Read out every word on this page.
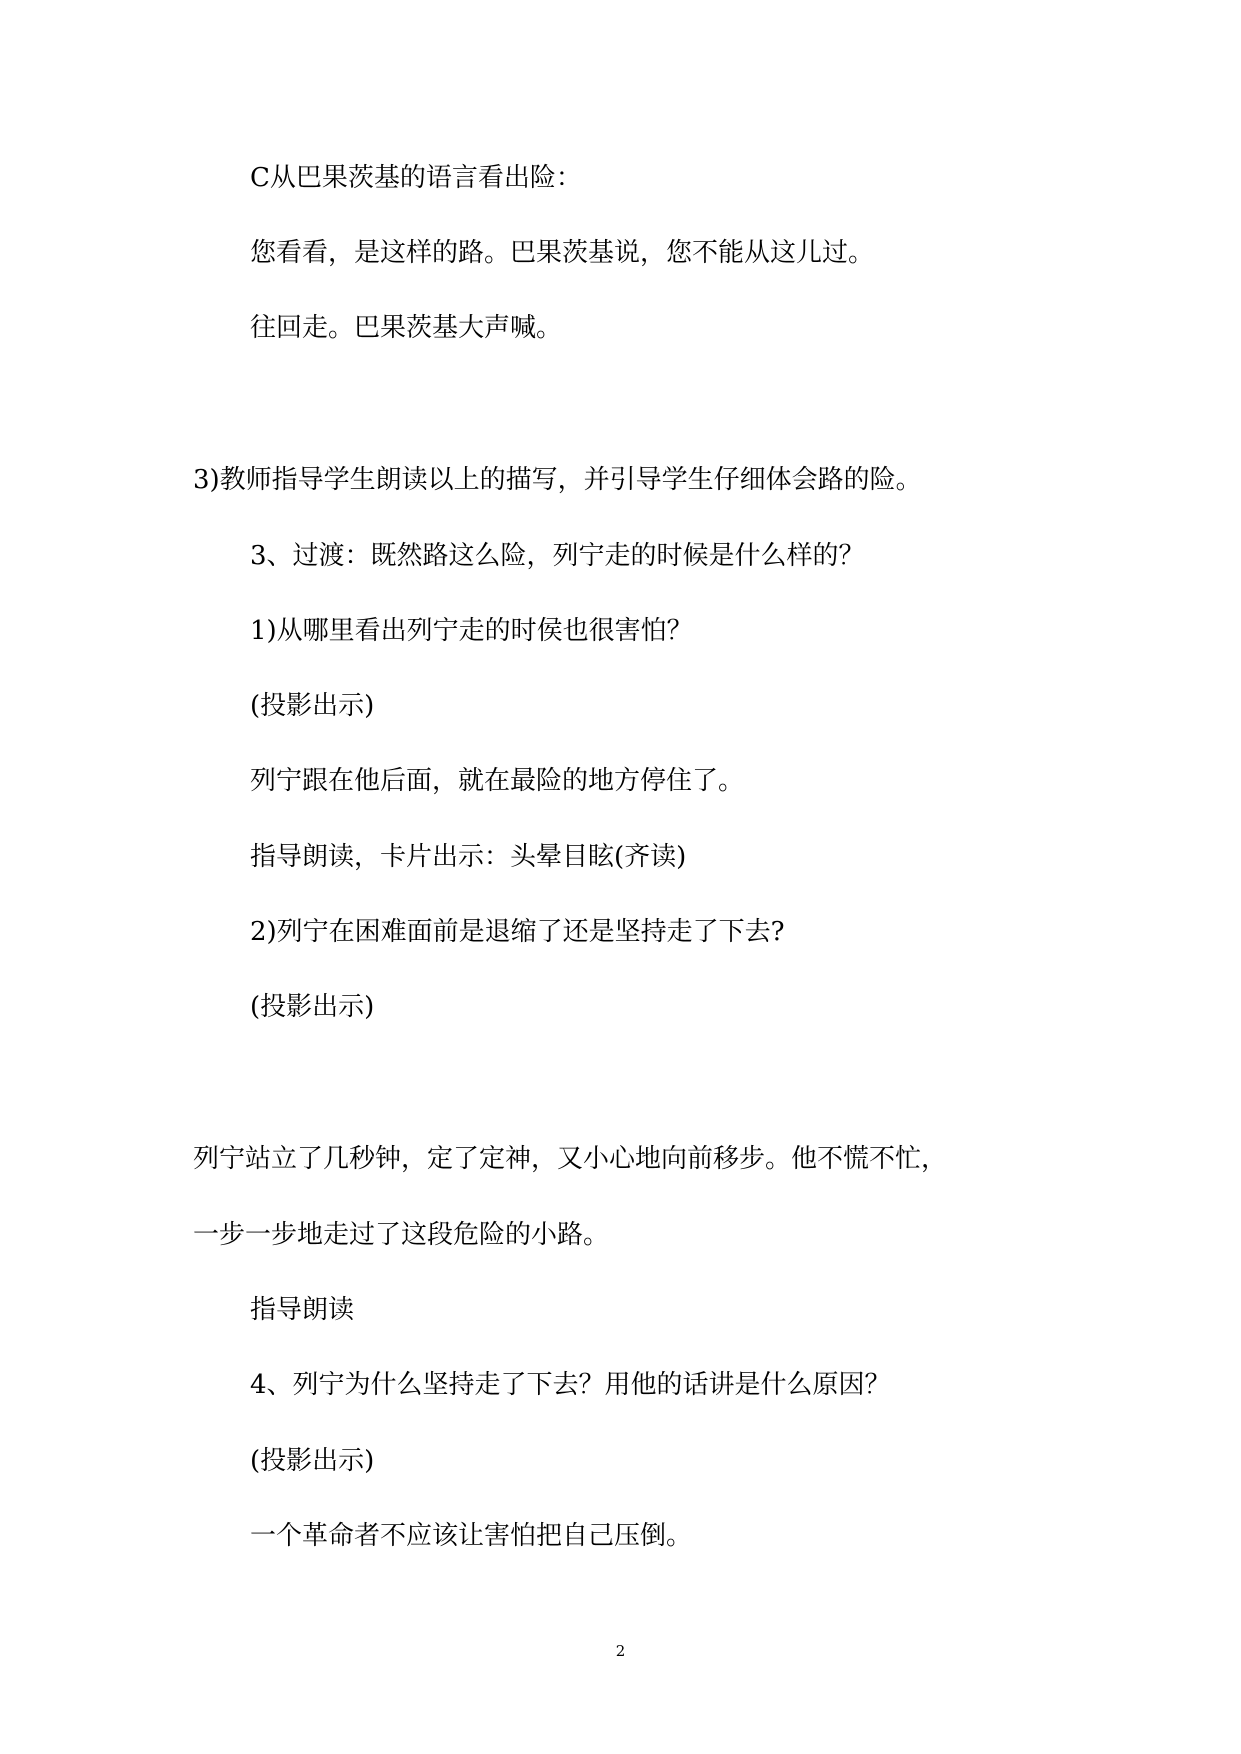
C从巴果茨基的语言看出险：

您看看，是这样的路。巴果茨基说，您不能从这儿过。

往回走。巴果茨基大声喊。

3)教师指导学生朗读以上的描写，并引导学生仔细体会路的险。

3、过渡：既然路这么险，列宁走的时候是什么样的？

1)从哪里看出列宁走的时侯也很害怕？

(投影出示)

列宁跟在他后面，就在最险的地方停住了。

指导朗读，卡片出示：头晕目眩(齐读)

2)列宁在困难面前是退缩了还是坚持走了下去?

(投影出示)

列宁站立了几秒钟，定了定神，又小心地向前移步。他不慌不忙，

一步一步地走过了这段危险的小路。

指导朗读

4、列宁为什么坚持走了下去？用他的话讲是什么原因？

(投影出示)

一个革命者不应该让害怕把自己压倒。

2
